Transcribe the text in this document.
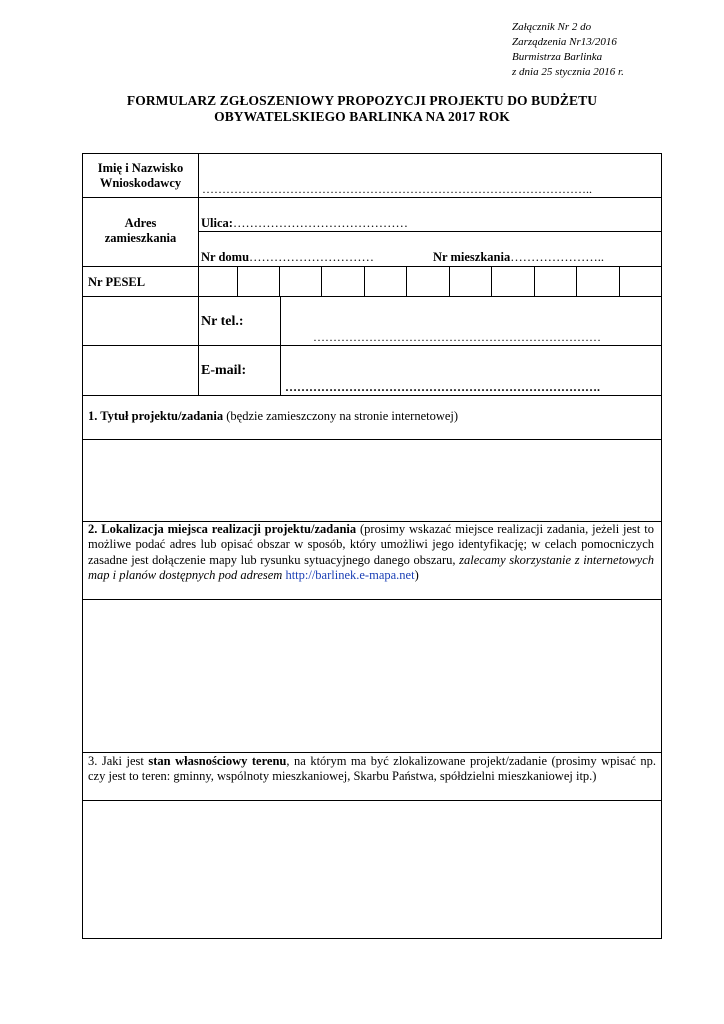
Załącznik Nr 2 do
Zarządzenia Nr13/2016
Burmistrza Barlinka
z dnia 25 stycznia 2016 r.
FORMULARZ ZGŁOSZENIOWY PROPOZYCJI PROJEKTU DO BUDŻETU
OBYWATELSKIEGO BARLINKA NA 2017 ROK
Imię i Nazwisko
Wnioskodawcy	……………………………………………………………………………………..
Adres
zamieszkania
Ulica:……………………………………
Nr domu…………………………	Nr mieszkania…………………..
Nr PESEL
Nr tel.:
………………………………………………………………
E-mail:
…………………………………………………………………….
1. Tytuł projektu/zadania (będzie zamieszczony na stronie internetowej)
2. Lokalizacja miejsca realizacji projektu/zadania (prosimy wskazać miejsce realizacji zadania, jeżeli jest to możliwe podać adres lub opisać obszar w sposób, który umożliwi jego identyfikację; w celach pomocniczych zasadne jest dołączenie mapy lub rysunku sytuacyjnego danego obszaru, zalecamy skorzystanie z internetowych map i planów dostępnych pod adresem http://barlinek.e-mapa.net)
3. Jaki jest stan własnościowy terenu, na którym ma być zlokalizowane projekt/zadanie (prosimy wpisać np. czy jest to teren: gminny, wspólnoty mieszkaniowej, Skarbu Państwa, spółdzielni mieszkaniowej itp.)
